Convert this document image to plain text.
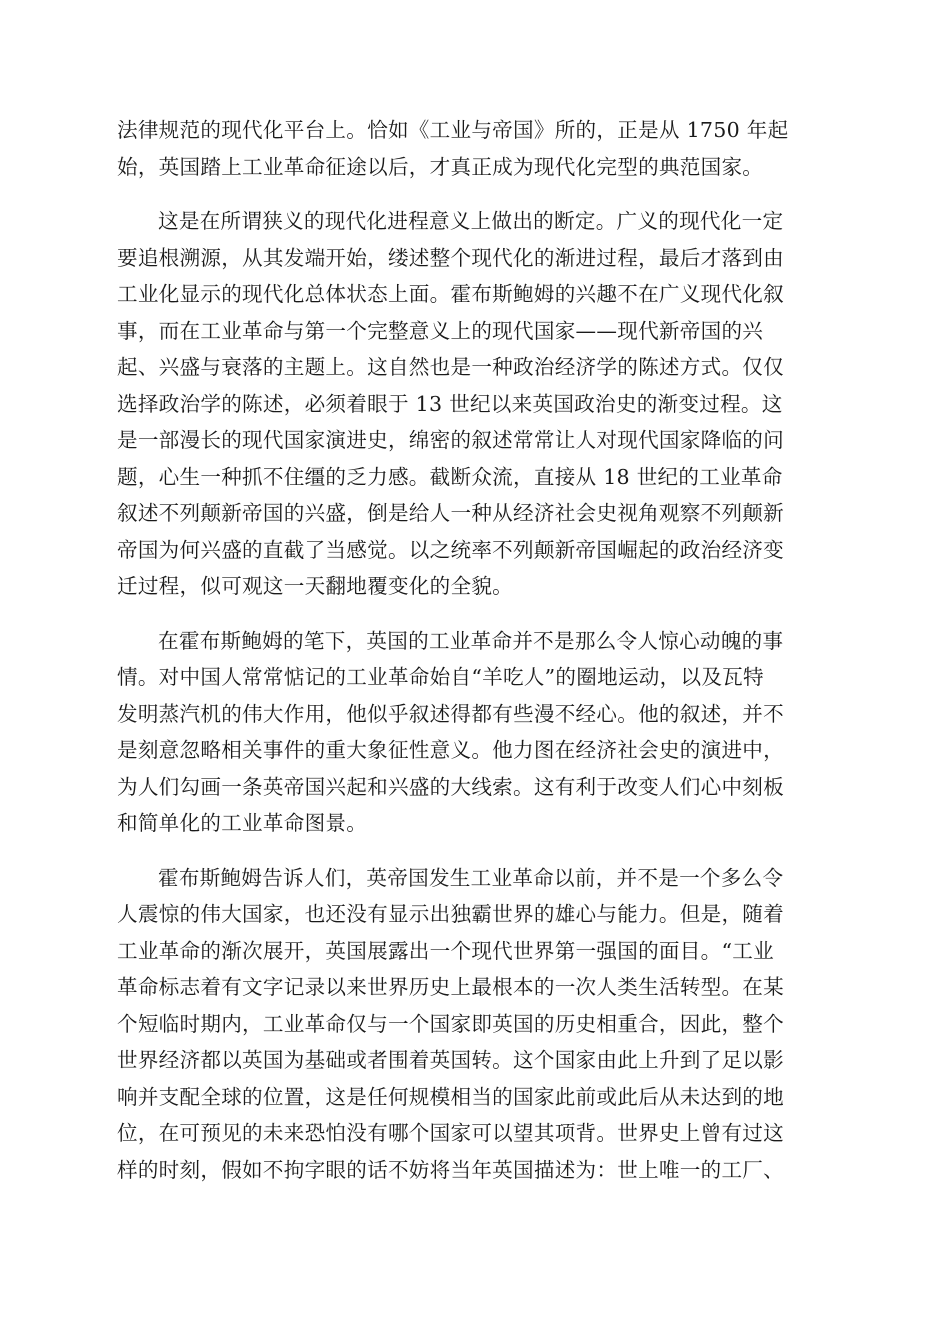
法律规范的现代化平台上。恰如《工业与帝国》所的，正是从 1750 年起
始，英国踏上工业革命征途以后，才真正成为现代化完型的典范国家。

这是在所谓狭义的现代化进程意义上做出的断定。广义的现代化一定
要追根溯源，从其发端开始，缕述整个现代化的渐进过程，最后才落到由
工业化显示的现代化总体状态上面。霍布斯鲍姆的兴趣不在广义现代化叙
事，而在工业革命与第一个完整意义上的现代国家——现代新帝国的兴
起、兴盛与衰落的主题上。这自然也是一种政治经济学的陈述方式。仅仅
选择政治学的陈述，必须着眼于 13 世纪以来英国政治史的渐变过程。这
是一部漫长的现代国家演进史，绵密的叙述常常让人对现代国家降临的问
题，心生一种抓不住缰的乏力感。截断众流，直接从 18 世纪的工业革命
叙述不列颠新帝国的兴盛，倒是给人一种从经济社会史视角观察不列颠新
帝国为何兴盛的直截了当感觉。以之统率不列颠新帝国崛起的政治经济变
迁过程，似可观这一天翻地覆变化的全貌。

在霍布斯鲍姆的笔下，英国的工业革命并不是那么令人惊心动魄的事
情。对中国人常常惦记的工业革命始自“羊吃人”的圈地运动，以及瓦特
发明蒸汽机的伟大作用，他似乎叙述得都有些漫不经心。他的叙述，并不
是刻意忽略相关事件的重大象征性意义。他力图在经济社会史的演进中，
为人们勾画一条英帝国兴起和兴盛的大线索。这有利于改变人们心中刻板
和简单化的工业革命图景。

霍布斯鲍姆告诉人们，英帝国发生工业革命以前，并不是一个多么令
人震惊的伟大国家，也还没有显示出独霸世界的雄心与能力。但是，随着
工业革命的渐次展开，英国展露出一个现代世界第一强国的面目。“工业
革命标志着有文字记录以来世界历史上最根本的一次人类生活转型。在某
个短临时期内，工业革命仅与一个国家即英国的历史相重合，因此，整个
世界经济都以英国为基础或者围着英国转。这个国家由此上升到了足以影
响并支配全球的位置，这是任何规模相当的国家此前或此后从未达到的地
位，在可预见的未来恐怕没有哪个国家可以望其项背。世界史上曾有过这
样的时刻，假如不拘字眼的话不妨将当年英国描述为：世上唯一的工厂、
